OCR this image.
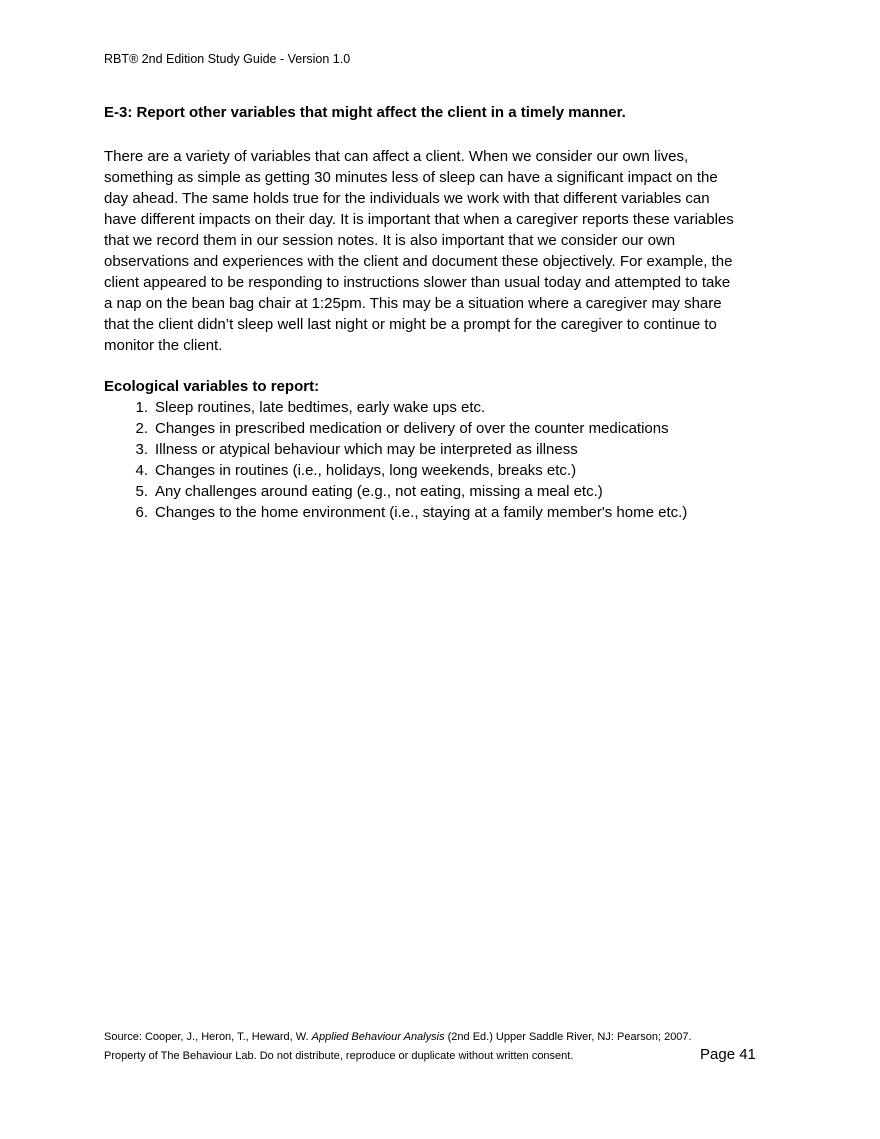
RBT® 2nd Edition Study Guide - Version 1.0
E-3: Report other variables that might affect the client in a timely manner.

There are a variety of variables that can affect a client. When we consider our own lives,

something as simple as getting 30 minutes less of sleep can have a significant impact on the

day ahead. The same holds true for the individuals we work with that different variables can

have different impacts on their day. It is important that when a caregiver reports these variables

that we record them in our session notes. It is also important that we consider our own

observations and experiences with the client and document these objectively. For example, the

client appeared to be responding to instructions slower than usual today and attempted to take

a nap on the bean bag chair at 1:25pm. This may be a situation where a caregiver may share

that the client didn’t sleep well last night or might be a prompt for the caregiver to continue to

monitor the client.

Ecological variables to report:
1. Sleep routines, late bedtimes, early wake ups etc.
2. Changes in prescribed medication or delivery of over the counter medications
3. Illness or atypical behaviour which may be interpreted as illness
4. Changes in routines (i.e., holidays, long weekends, breaks etc.)
5. Any challenges around eating (e.g., not eating, missing a meal etc.)
6. Changes to the home environment (i.e., staying at a family member's home etc.)
Source: Cooper, J., Heron, T., Heward, W. Applied Behaviour Analysis (2nd Ed.) Upper Saddle River, NJ: Pearson; 2007.
Property of The Behaviour Lab. Do not distribute, reproduce or duplicate without written consent.	Page 41
